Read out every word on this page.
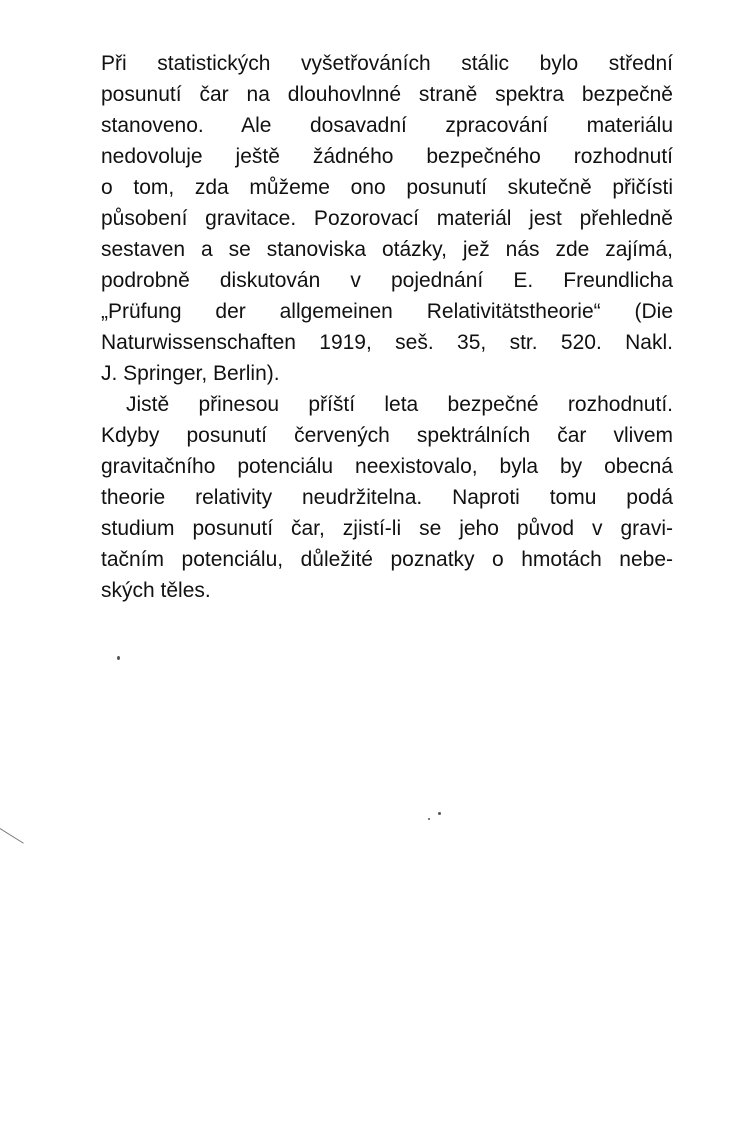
Při statistických vyšetřováních stálic bylo střední
posunutí čar na dlouhovlnné straně spektra bezpečně
stanoveno. Ale dosavadní zpracování materiálu
nedovoluje ještě žádného bezpečného rozhodnutí
o tom, zda můžeme ono posunutí skutečně přičísti
působení gravitace. Pozorovací materiál jest přehledně
sestaven a se stanoviska otázky, jež nás zde zajímá,
podrobně diskutován v pojednání E. Freundlicha
„Prüfung der allgemeinen Relativitätstheorie“ (Die
Naturwissenschaften 1919, seš. 35, str. 520. Nakl.
J. Springer, Berlin).
Jistě přinesou příští leta bezpečné rozhodnutí.
Kdyby posunutí červených spektrálních čar vlivem
gravitačního potenciálu neexistovalo, byla by obecná
theorie relativity neudržitelna. Naproti tomu podá
studium posunutí čar, zjistí-li se jeho původ v gravi-
tačním potenciálu, důležité poznatky o hmotách nebe-
ských těles.
